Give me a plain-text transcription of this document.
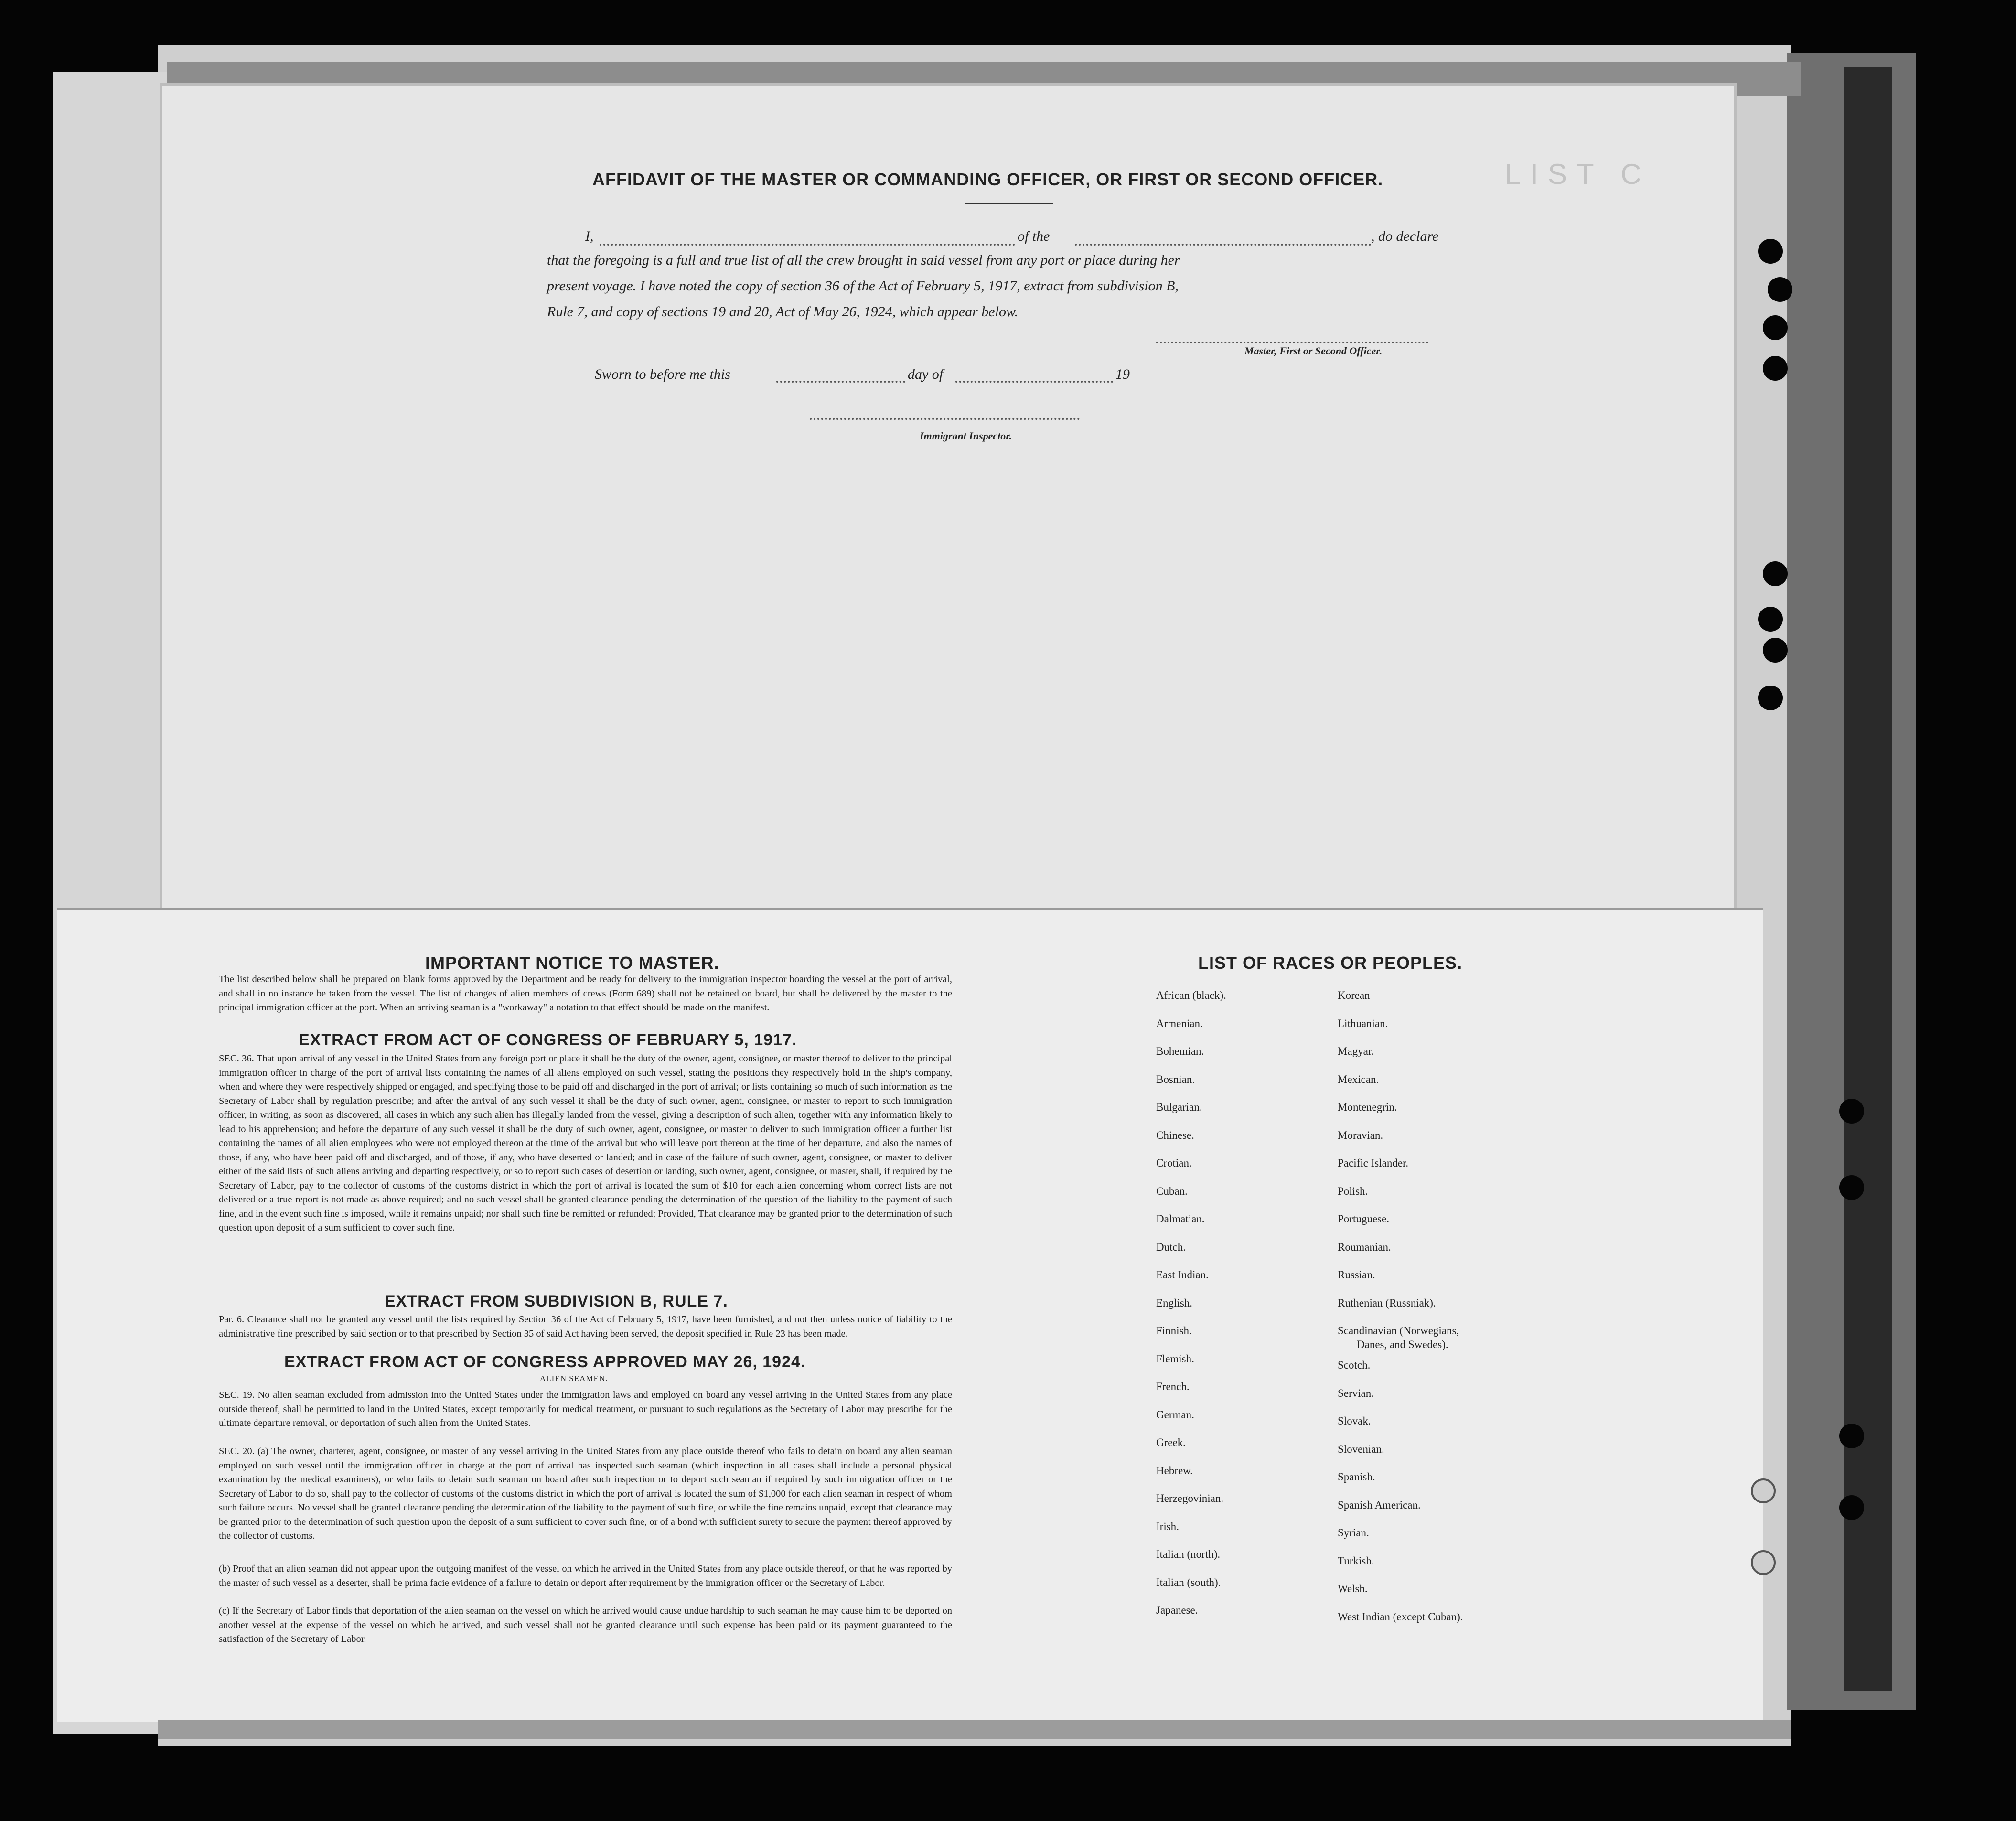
LIST C
AFFIDAVIT OF THE MASTER OR COMMANDING OFFICER, OR FIRST OR SECOND OFFICER.
I,	of the	, do declare
that the foregoing is a full and true list of all the crew brought in said vessel from any port or place during her
present voyage. I have noted the copy of section 36 of the Act of February 5, 1917, extract from subdivision B,
Rule 7, and copy of sections 19 and 20, Act of May 26, 1924, which appear below.
Master, First or Second Officer.
Sworn to before me this	day of	19
Immigrant Inspector.
IMPORTANT NOTICE TO MASTER.
The list described below shall be prepared on blank forms approved by the Department and be ready for delivery to the immigration inspector boarding the vessel at the port of arrival, and shall in no instance be taken from the vessel. The list of changes of alien members of crews (Form 689) shall not be retained on board, but shall be delivered by the master to the principal immigration officer at the port. When an arriving seaman is a "workaway" a notation to that effect should be made on the manifest.
EXTRACT FROM ACT OF CONGRESS OF FEBRUARY 5, 1917.
SEC. 36. That upon arrival of any vessel in the United States from any foreign port or place it shall be the duty of the owner, agent, consignee, or master thereof to deliver to the principal immigration officer in charge of the port of arrival lists containing the names of all aliens employed on such vessel, stating the positions they respectively hold in the ship's company, when and where they were respectively shipped or engaged, and specifying those to be paid off and discharged in the port of arrival; or lists containing so much of such information as the Secretary of Labor shall by regulation prescribe; and after the arrival of any such vessel it shall be the duty of such owner, agent, consignee, or master to report to such immigration officer, in writing, as soon as discovered, all cases in which any such alien has illegally landed from the vessel, giving a description of such alien, together with any information likely to lead to his apprehension; and before the departure of any such vessel it shall be the duty of such owner, agent, consignee, or master to deliver to such immigration officer a further list containing the names of all alien employees who were not employed thereon at the time of the arrival but who will leave port thereon at the time of her departure, and also the names of those, if any, who have been paid off and discharged, and of those, if any, who have deserted or landed; and in case of the failure of such owner, agent, consignee, or master to deliver either of the said lists of such aliens arriving and departing respectively, or so to report such cases of desertion or landing, such owner, agent, consignee, or master, shall, if required by the Secretary of Labor, pay to the collector of customs of the customs district in which the port of arrival is located the sum of $10 for each alien concerning whom correct lists are not delivered or a true report is not made as above required; and no such vessel shall be granted clearance pending the determination of the question of the liability to the payment of such fine, and in the event such fine is imposed, while it remains unpaid; nor shall such fine be remitted or refunded; Provided, That clearance may be granted prior to the determination of such question upon deposit of a sum sufficient to cover such fine.
EXTRACT FROM SUBDIVISION B, RULE 7.
Par. 6. Clearance shall not be granted any vessel until the lists required by Section 36 of the Act of February 5, 1917, have been furnished, and not then unless notice of liability to the administrative fine prescribed by said section or to that prescribed by Section 35 of said Act having been served, the deposit specified in Rule 23 has been made.
EXTRACT FROM ACT OF CONGRESS APPROVED MAY 26, 1924.
ALIEN SEAMEN.
SEC. 19. No alien seaman excluded from admission into the United States under the immigration laws and employed on board any vessel arriving in the United States from any place outside thereof, shall be permitted to land in the United States, except temporarily for medical treatment, or pursuant to such regulations as the Secretary of Labor may prescribe for the ultimate departure removal, or deportation of such alien from the United States.
SEC. 20. (a) The owner, charterer, agent, consignee, or master of any vessel arriving in the United States from any place outside thereof who fails to detain on board any alien seaman employed on such vessel until the immigration officer in charge at the port of arrival has inspected such seaman (which inspection in all cases shall include a personal physical examination by the medical examiners), or who fails to detain such seaman on board after such inspection or to deport such seaman if required by such immigration officer or the Secretary of Labor to do so, shall pay to the collector of customs of the customs district in which the port of arrival is located the sum of $1,000 for each alien seaman in respect of whom such failure occurs. No vessel shall be granted clearance pending the determination of the liability to the payment of such fine, or while the fine remains unpaid, except that clearance may be granted prior to the determination of such question upon the deposit of a sum sufficient to cover such fine, or of a bond with sufficient surety to secure the payment thereof approved by the collector of customs.
(b) Proof that an alien seaman did not appear upon the outgoing manifest of the vessel on which he arrived in the United States from any place outside thereof, or that he was reported by the master of such vessel as a deserter, shall be prima facie evidence of a failure to detain or deport after requirement by the immigration officer or the Secretary of Labor.
(c) If the Secretary of Labor finds that deportation of the alien seaman on the vessel on which he arrived would cause undue hardship to such seaman he may cause him to be deported on another vessel at the expense of the vessel on which he arrived, and such vessel shall not be granted clearance until such expense has been paid or its payment guaranteed to the satisfaction of the Secretary of Labor.
LIST OF RACES OR PEOPLES.
African (black).
Armenian.
Bohemian.
Bosnian.
Bulgarian.
Chinese.
Crotian.
Cuban.
Dalmatian.
Dutch.
East Indian.
English.
Finnish.
Flemish.
French.
German.
Greek.
Hebrew.
Herzegovinian.
Irish.
Italian (north).
Italian (south).
Japanese.
Korean
Lithuanian.
Magyar.
Mexican.
Montenegrin.
Moravian.
Pacific Islander.
Polish.
Portuguese.
Roumanian.
Russian.
Ruthenian (Russniak).
Scandinavian (Norwegians,
Danes, and Swedes).
Scotch.
Servian.
Slovak.
Slovenian.
Spanish.
Spanish American.
Syrian.
Turkish.
Welsh.
West Indian (except Cuban).
